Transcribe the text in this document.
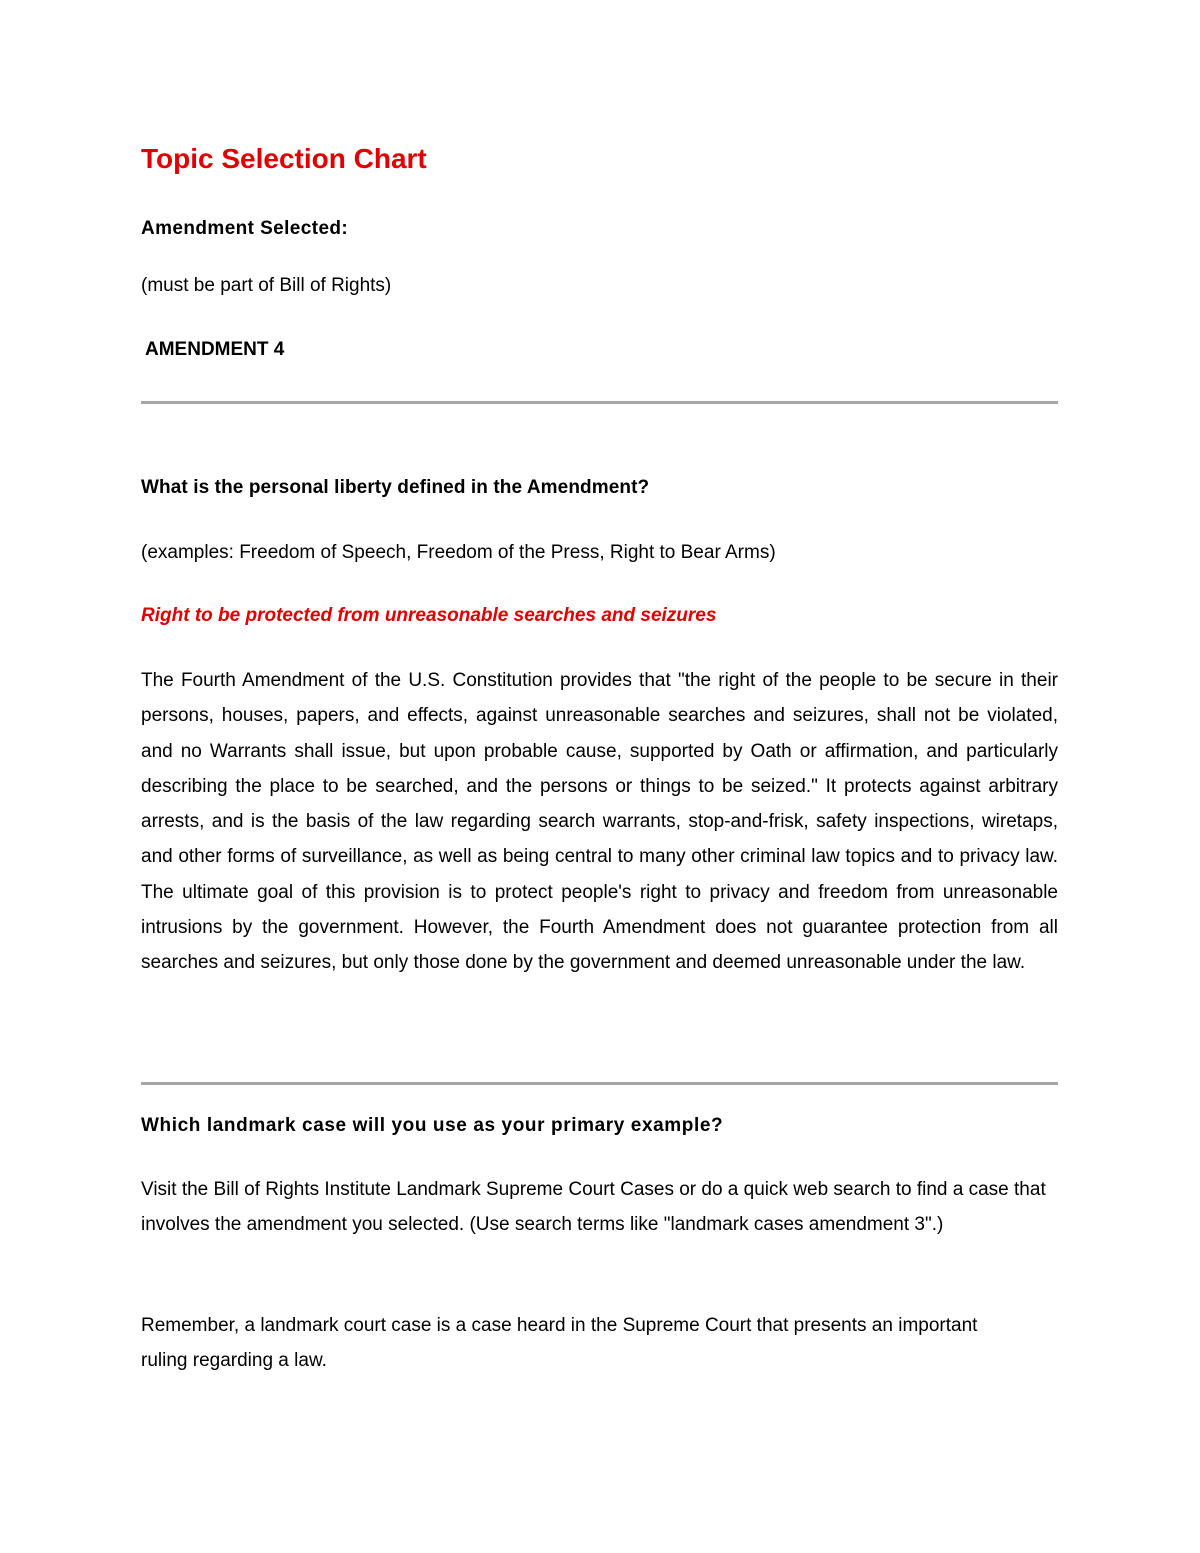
Topic Selection Chart

Amendment Selected:

(must be part of Bill of Rights)

AMENDMENT 4

What is the personal liberty defined in the Amendment?

(examples: Freedom of Speech, Freedom of the Press, Right to Bear Arms)

Right to be protected from unreasonable searches and seizures

The Fourth Amendment of the U.S. Constitution provides that "the right of the people to be secure in their persons, houses, papers, and effects, against unreasonable searches and seizures, shall not be violated, and no Warrants shall issue, but upon probable cause, supported by Oath or affirmation, and particularly describing the place to be searched, and the persons or things to be seized." It protects against arbitrary arrests, and is the basis of the law regarding search warrants, stop-and-frisk, safety inspections, wiretaps, and other forms of surveillance, as well as being central to many other criminal law topics and to privacy law. The ultimate goal of this provision is to protect people's right to privacy and freedom from unreasonable intrusions by the government. However, the Fourth Amendment does not guarantee protection from all searches and seizures, but only those done by the government and deemed unreasonable under the law.

Which landmark case will you use as your primary example?

Visit the Bill of Rights Institute Landmark Supreme Court Cases or do a quick web search to find a case that involves the amendment you selected. (Use search terms like "landmark cases amendment 3".)

Remember, a landmark court case is a case heard in the Supreme Court that presents an important ruling regarding a law.
